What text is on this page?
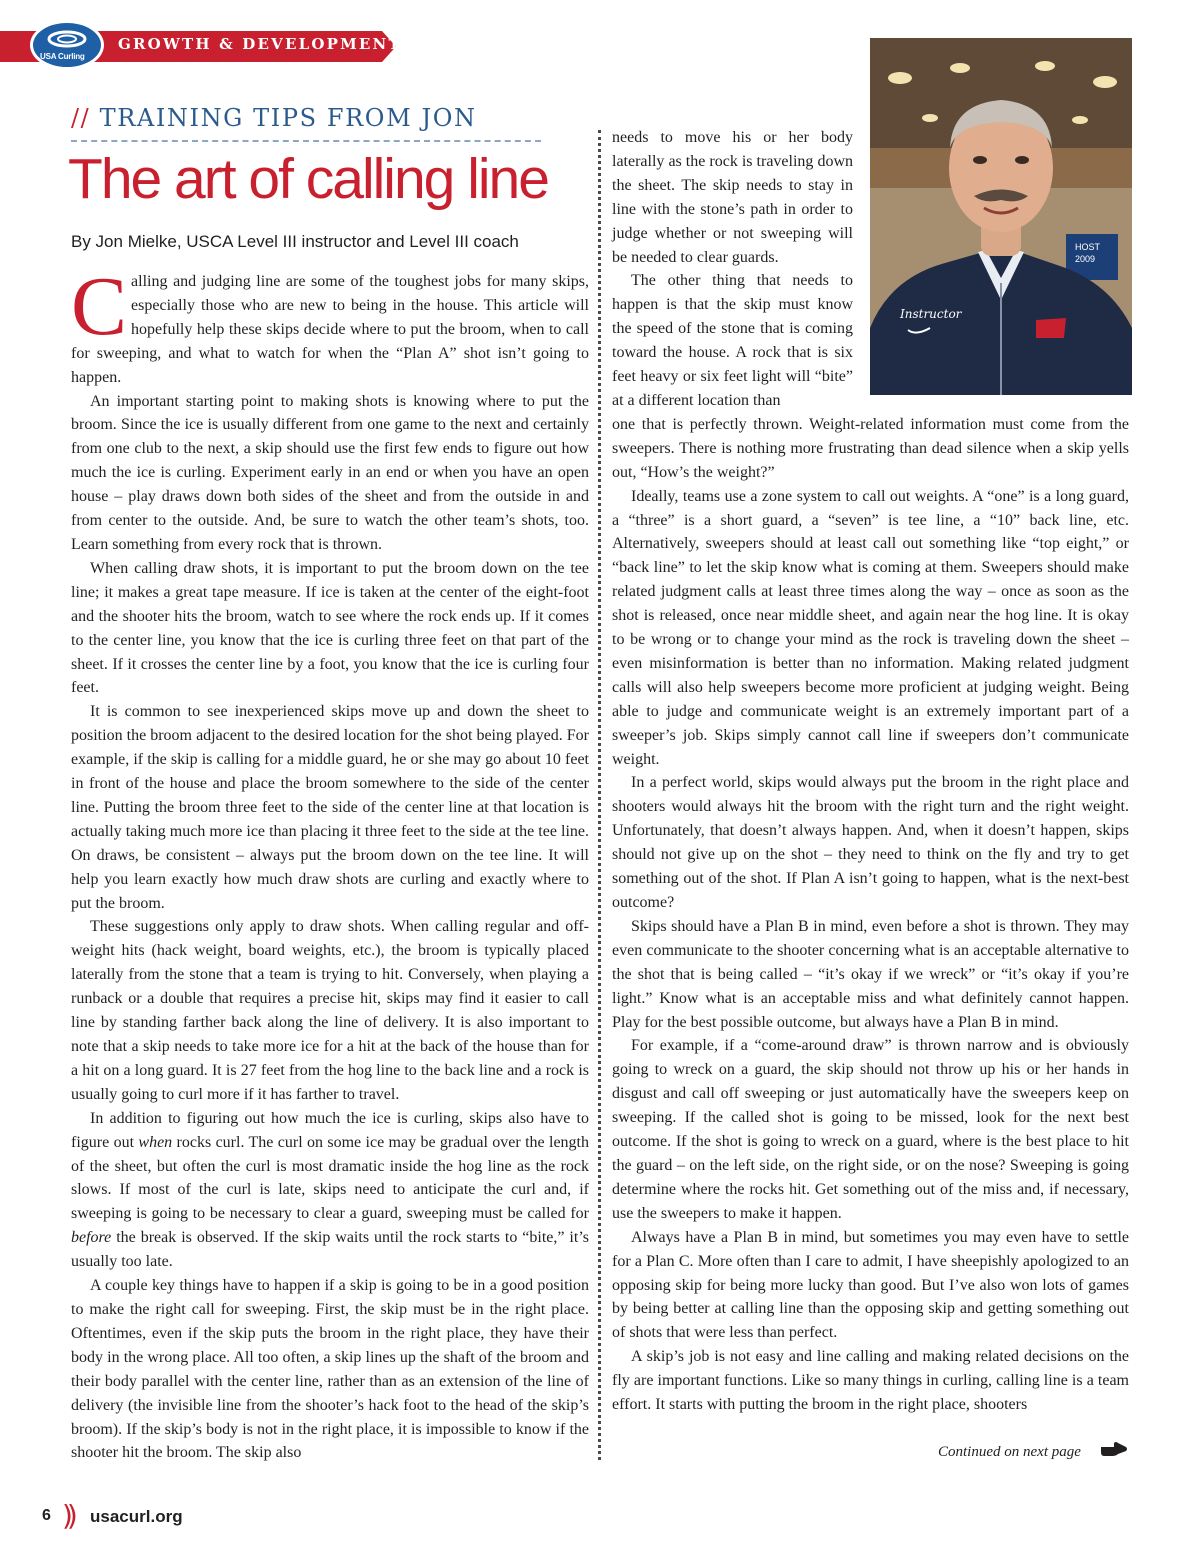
USA Curling
GROWTH & DEVELOPMENT
// TRAINING TIPS FROM JON
The art of calling line
By Jon Mielke, USCA Level III instructor and Level III coach

Calling and judging line are some of the toughest jobs for many skips, especially those who are new to being in the house. This article will hopefully help these skips decide where to put the broom, when to call for sweeping, and what to watch for when the “Plan A” shot isn’t going to happen.

An important starting point to making shots is knowing where to put the broom. Since the ice is usually different from one game to the next and certainly from one club to the next, a skip should use the first few ends to figure out how much the ice is curling. Experiment early in an end or when you have an open house – play draws down both sides of the sheet and from the outside in and from center to the outside. And, be sure to watch the other team’s shots, too. Learn something from every rock that is thrown.

When calling draw shots, it is important to put the broom down on the tee line; it makes a great tape measure. If ice is taken at the center of the eight-foot and the shooter hits the broom, watch to see where the rock ends up. If it comes to the center line, you know that the ice is curling three feet on that part of the sheet. If it crosses the center line by a foot, you know that the ice is curling four feet.

It is common to see inexperienced skips move up and down the sheet to position the broom adjacent to the desired location for the shot being played. For example, if the skip is calling for a middle guard, he or she may go about 10 feet in front of the house and place the broom somewhere to the side of the center line. Putting the broom three feet to the side of the center line at that location is actually taking much more ice than placing it three feet to the side at the tee line. On draws, be consistent – always put the broom down on the tee line. It will help you learn exactly how much draw shots are curling and exactly where to put the broom.

These suggestions only apply to draw shots. When calling regular and off-weight hits (hack weight, board weights, etc.), the broom is typically placed laterally from the stone that a team is trying to hit. Conversely, when playing a runback or a double that requires a precise hit, skips may find it easier to call line by standing farther back along the line of delivery. It is also important to note that a skip needs to take more ice for a hit at the back of the house than for a hit on a long guard. It is 27 feet from the hog line to the back line and a rock is usually going to curl more if it has farther to travel.

In addition to figuring out how much the ice is curling, skips also have to figure out when rocks curl. The curl on some ice may be gradual over the length of the sheet, but often the curl is most dramatic inside the hog line as the rock slows. If most of the curl is late, skips need to anticipate the curl and, if sweeping is going to be necessary to clear a guard, sweeping must be called for before the break is observed. If the skip waits until the rock starts to “bite,” it’s usually too late.

A couple key things have to happen if a skip is going to be in a good position to make the right call for sweeping. First, the skip must be in the right place. Oftentimes, even if the skip puts the broom in the right place, they have their body in the wrong place. All too often, a skip lines up the shaft of the broom and their body parallel with the center line, rather than as an extension of the line of delivery (the invisible line from the shooter’s hack foot to the head of the skip’s broom). If the skip’s body is not in the right place, it is impossible to know if the shooter hit the broom. The skip also

needs to move his or her body laterally as the rock is traveling down the sheet. The skip needs to stay in line with the stone’s path in order to judge whether or not sweeping will be needed to clear guards.

The other thing that needs to happen is that the skip must know the speed of the stone that is coming toward the house. A rock that is six feet heavy or six feet light will “bite” at a different location than

one that is perfectly thrown. Weight-related information must come from the sweepers. There is nothing more frustrating than dead silence when a skip yells out, “How’s the weight?”

Ideally, teams use a zone system to call out weights. A “one” is a long guard, a “three” is a short guard, a “seven” is tee line, a “10” back line, etc. Alternatively, sweepers should at least call out something like “top eight,” or “back line” to let the skip know what is coming at them. Sweepers should make related judgment calls at least three times along the way – once as soon as the shot is released, once near middle sheet, and again near the hog line. It is okay to be wrong or to change your mind as the rock is traveling down the sheet – even misinformation is better than no information. Making related judgment calls will also help sweepers become more proficient at judging weight. Being able to judge and communicate weight is an extremely important part of a sweeper’s job. Skips simply cannot call line if sweepers don’t communicate weight.

In a perfect world, skips would always put the broom in the right place and shooters would always hit the broom with the right turn and the right weight. Unfortunately, that doesn’t always happen. And, when it doesn’t happen, skips should not give up on the shot – they need to think on the fly and try to get something out of the shot. If Plan A isn’t going to happen, what is the next-best outcome?

Skips should have a Plan B in mind, even before a shot is thrown. They may even communicate to the shooter concerning what is an acceptable alternative to the shot that is being called – “it’s okay if we wreck” or “it’s okay if you’re light.” Know what is an acceptable miss and what definitely cannot happen. Play for the best possible outcome, but always have a Plan B in mind.

For example, if a “come-around draw” is thrown narrow and is obviously going to wreck on a guard, the skip should not throw up his or her hands in disgust and call off sweeping or just automatically have the sweepers keep on sweeping. If the called shot is going to be missed, look for the next best outcome. If the shot is going to wreck on a guard, where is the best place to hit the guard – on the left side, on the right side, or on the nose? Sweeping is going determine where the rocks hit. Get something out of the miss and, if necessary, use the sweepers to make it happen.

Always have a Plan B in mind, but sometimes you may even have to settle for a Plan C. More often than I care to admit, I have sheepishly apologized to an opposing skip for being more lucky than good. But I’ve also won lots of games by being better at calling line than the opposing skip and getting something out of shots that were less than perfect.

A skip’s job is not easy and line calling and making related decisions on the fly are important functions. Like so many things in curling, calling line is a team effort. It starts with putting the broom in the right place, shooters

HOST
2009
Instructor
Continued on next page
6 )) usacurl.org
